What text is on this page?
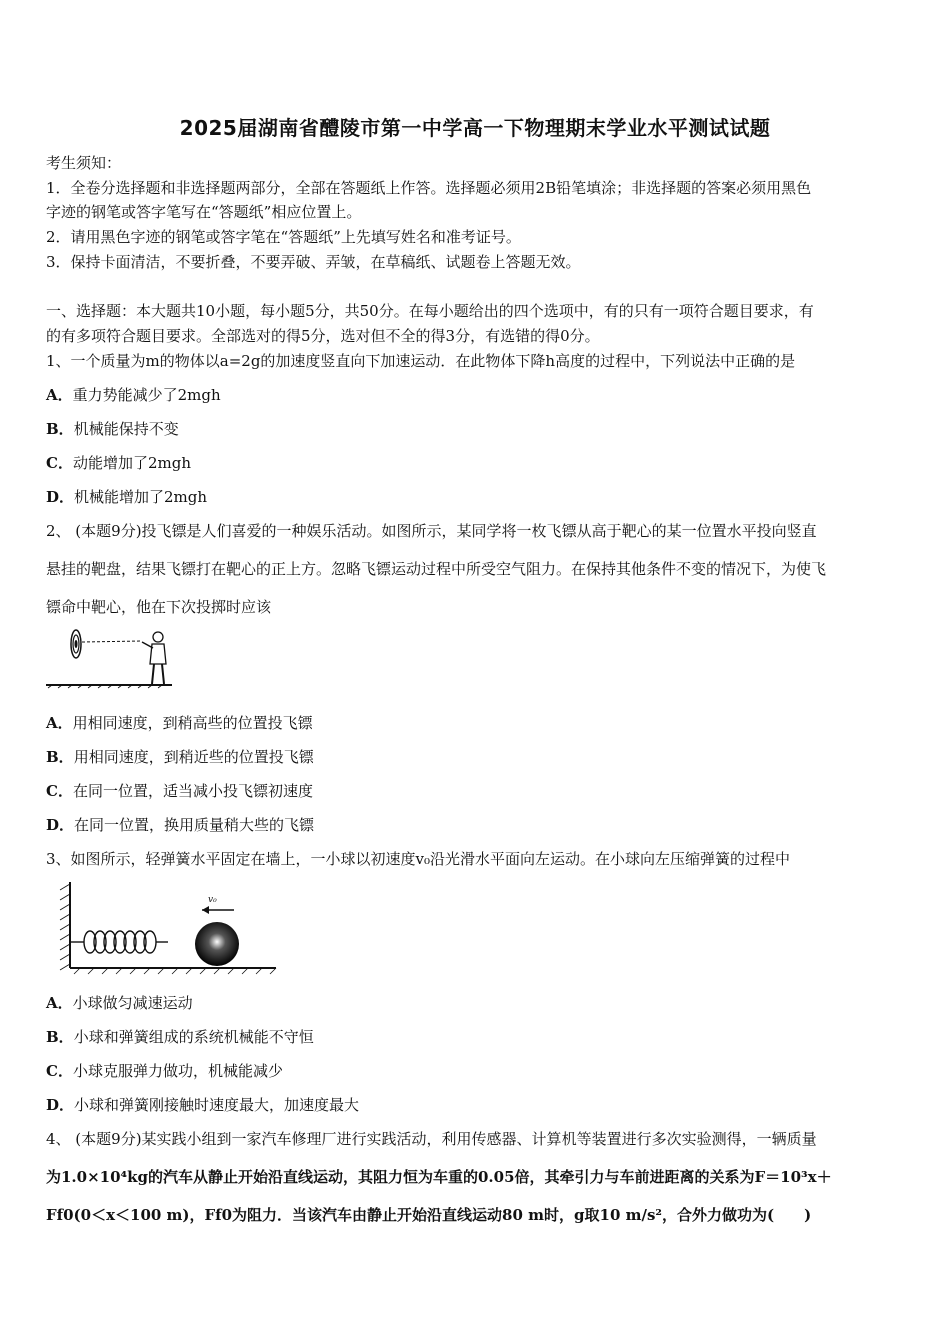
2025届湖南省醴陵市第一中学高一下物理期末学业水平测试试题
考生须知：
1．全卷分选择题和非选择题两部分，全部在答题纸上作答。选择题必须用2B铅笔填涂；非选择题的答案必须用黑色
字迹的钢笔或答字笔写在“答题纸”相应位置上。
2．请用黑色字迹的钢笔或答字笔在“答题纸”上先填写姓名和准考证号。
3．保持卡面清洁，不要折叠，不要弄破、弄皱，在草稿纸、试题卷上答题无效。
一、选择题：本大题共10小题，每小题5分，共50分。在每小题给出的四个选项中，有的只有一项符合题目要求，有
的有多项符合题目要求。全部选对的得5分，选对但不全的得3分，有选错的得0分。
1、一个质量为m的物体以a=2g的加速度竖直向下加速运动．在此物体下降h高度的过程中，下列说法中正确的是
A．重力势能减少了2mgh
B．机械能保持不变
C．动能增加了2mgh
D．机械能增加了2mgh
2、 (本题9分)投飞镖是人们喜爱的一种娱乐活动。如图所示，某同学将一枚飞镖从高于靶心的某一位置水平投向竖直
悬挂的靶盘，结果飞镖打在靶心的正上方。忽略飞镖运动过程中所受空气阻力。在保持其他条件不变的情况下，为使飞
镖命中靶心，他在下次投掷时应该
A．用相同速度，到稍高些的位置投飞镖
B．用相同速度，到稍近些的位置投飞镖
C．在同一位置，适当减小投飞镖初速度
D．在同一位置，换用质量稍大些的飞镖
3、如图所示，轻弹簧水平固定在墙上，一小球以初速度v₀沿光滑水平面向左运动。在小球向左压缩弹簧的过程中
v₀
A．小球做匀减速运动
B．小球和弹簧组成的系统机械能不守恒
C．小球克服弹力做功，机械能减少
D．小球和弹簧刚接触时速度最大，加速度最大
4、 (本题9分)某实践小组到一家汽车修理厂进行实践活动，利用传感器、计算机等装置进行多次实验测得，一辆质量
为1.0×10⁴kg的汽车从静止开始沿直线运动，其阻力恒为车重的0.05倍，其牵引力与车前进距离的关系为F＝10³x＋
Ff0(0＜x＜100 m)，Ff0为阻力．当该汽车由静止开始沿直线运动80 m时，g取10 m/s²，合外力做功为(　　)
